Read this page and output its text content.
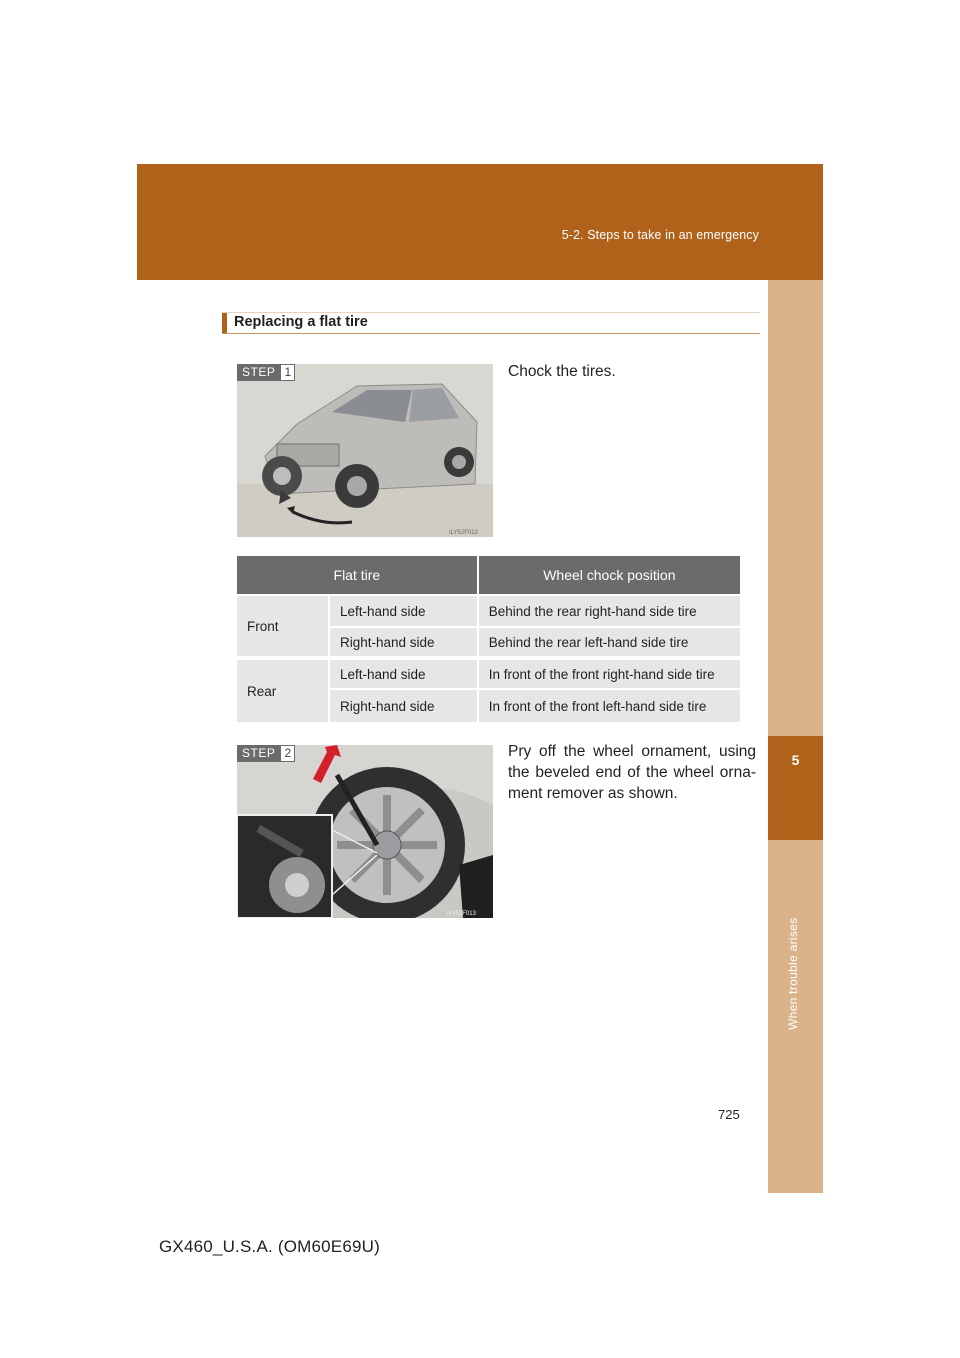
5-2. Steps to take in an emergency
5
When trouble arises
Replacing a flat tire
ILY52F012
STEP 1	Chock the tires.
Flat tire		Wheel chock position
Front	Left-hand side	Behind the rear right-hand side tire
	Right-hand side	Behind the rear left-hand side tire
Rear	Left-hand side	In front of the front right-hand side tire
	Right-hand side	In front of the front left-hand side tire
ILY52F013
STEP 2	Pry off the wheel ornament, using the beveled end of the wheel orna-ment remover as shown.
725
GX460_U.S.A. (OM60E69U)
